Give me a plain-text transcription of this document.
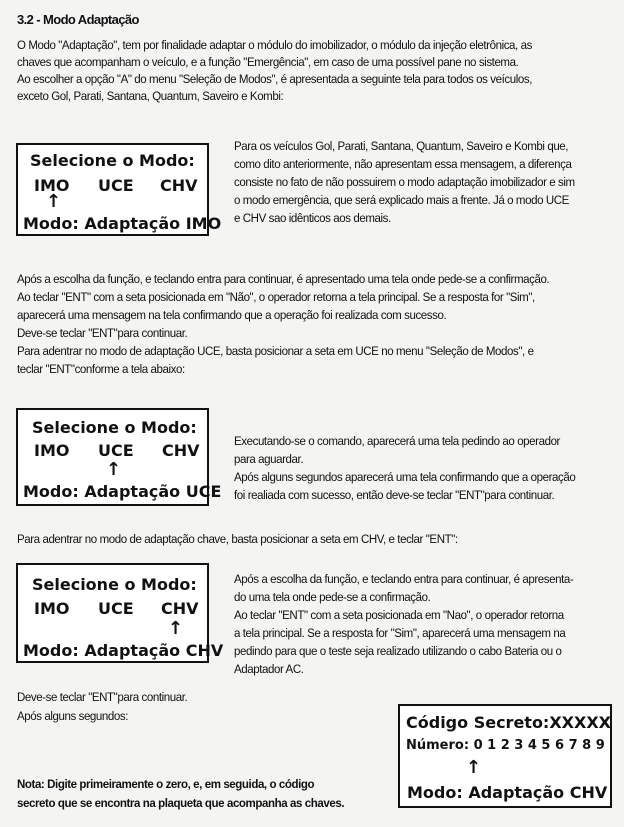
3.2 - Modo Adaptação
O Modo "Adaptação", tem por finalidade adaptar o módulo do imobilizador, o módulo da injeção eletrônica, as
chaves que acompanham o veículo, e a função "Emergência", em caso de uma possível pane no sistema.
Ao escolher a opção "A" do menu "Seleção de Modos", é apresentada a seguinte tela para todos os veículos,
exceto Gol, Parati, Santana, Quantum, Saveiro e Kombi:
Selecione o Modo:
IMO UCE CHV
↑
Modo: Adaptação IMO
Para os veículos Gol, Parati, Santana, Quantum, Saveiro e Kombi que,
como dito anteriormente, não apresentam essa mensagem, a diferença
consiste no fato de não possuirem o modo adaptação imobilizador e sim
o modo emergência, que será explicado mais a frente. Já o modo UCE
e CHV sao idênticos aos demais.
Após a escolha da função, e teclando entra para continuar, é apresentado uma tela onde pede-se a confirmação.
Ao teclar "ENT" com a seta posicionada em "Não", o operador retorna a tela principal. Se a resposta for "Sim",
aparecerá uma mensagem na tela confirmando que a operação foi realizada com sucesso.
Deve-se teclar "ENT"para continuar.
Para adentrar no modo de adaptação UCE, basta posicionar a seta em UCE no menu "Seleção de Modos", e
teclar "ENT"conforme a tela abaixo:
Selecione o Modo:
IMO UCE CHV
↑
Modo: Adaptação UCE
Executando-se o comando, aparecerá uma tela pedindo ao operador
para aguardar.
Após alguns segundos aparecerá uma tela confirmando que a operação
foi realiada com sucesso, então deve-se teclar "ENT"para continuar.
Para adentrar no modo de adaptação chave, basta posicionar a seta em CHV, e teclar "ENT":
Selecione o Modo:
IMO UCE CHV
↑
Modo: Adaptação CHV
Após a escolha da função, e teclando entra para continuar, é apresenta-
do uma tela onde pede-se a confirmação.
Ao teclar "ENT" com a seta posicionada em "Nao", o operador retorna
a tela principal. Se a resposta for "Sim", aparecerá uma mensagem na
pedindo para que o teste seja realizado utilizando o cabo Bateria ou o
Adaptador AC.
Deve-se teclar "ENT"para continuar.
Após alguns segundos:
Nota: Digite primeiramente o zero, e, em seguida, o código
secreto que se encontra na plaqueta que acompanha as chaves.
Código Secreto:XXXXX
Número: 0 1 2 3 4 5 6 7 8 9
↑
Modo: Adaptação CHV
